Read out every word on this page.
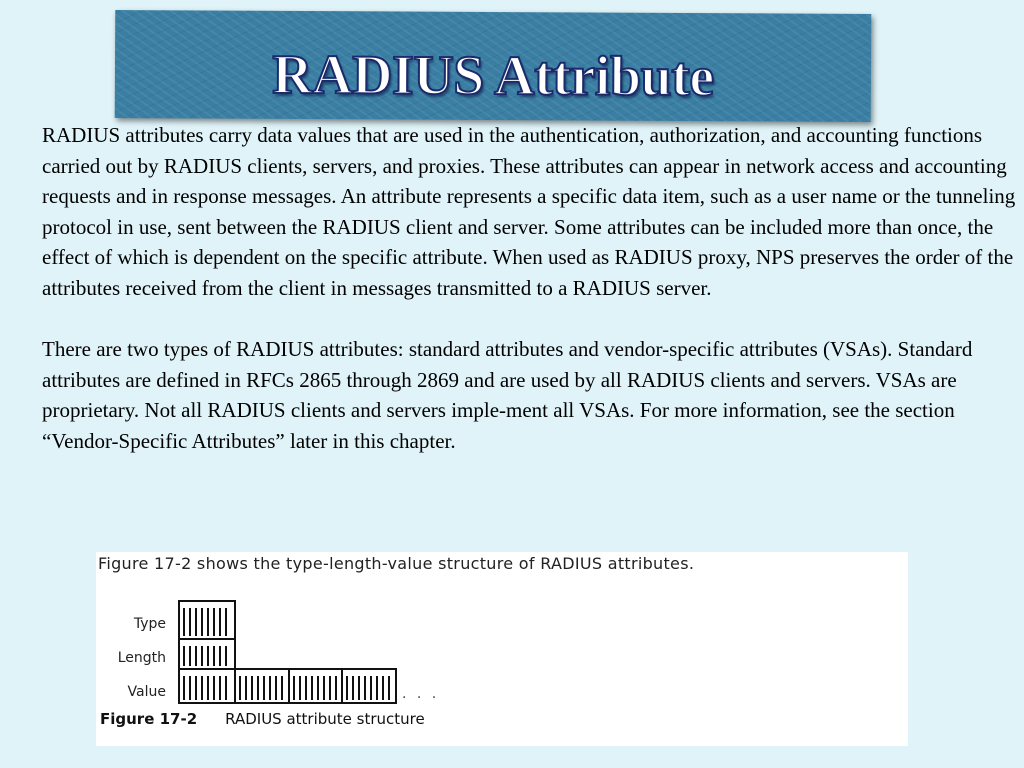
RADIUS Attribute

RADIUS attributes carry data values that are used in the authentication, authorization, and accounting functions carried out by RADIUS clients, servers, and proxies. These attributes can appear in network access and accounting requests and in response messages. An attribute represents a specific data item, such as a user name or the tunneling protocol in use, sent between the RADIUS client and server. Some attributes can be included more than once, the effect of which is dependent on the specific attribute. When used as RADIUS proxy, NPS preserves the order of the attributes received from the client in messages transmitted to a RADIUS server.

There are two types of RADIUS attributes: standard attributes and vendor-specific attributes (VSAs). Standard attributes are defined in RFCs 2865 through 2869 and are used by all RADIUS clients and servers. VSAs are proprietary. Not all RADIUS clients and servers imple-ment all VSAs. For more information, see the section “Vendor-Specific Attributes” later in this chapter.

Figure 17-2 shows the type-length-value structure of RADIUS attributes.
Type
Length
Value	. . .
Figure 17-2 RADIUS attribute structure
